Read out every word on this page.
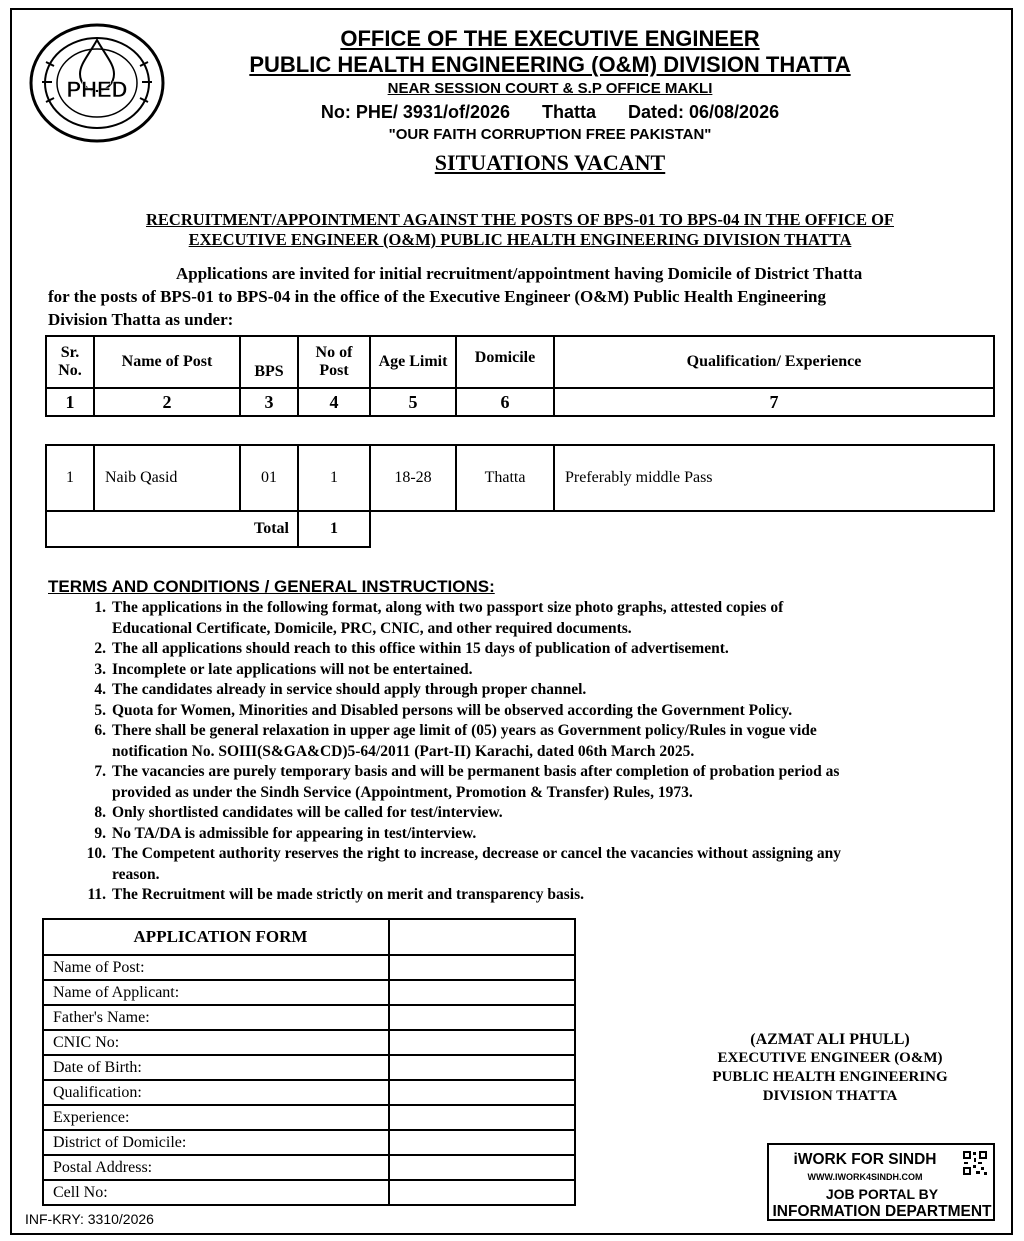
PHED
OFFICE OF THE EXECUTIVE ENGINEER
PUBLIC HEALTH ENGINEERING (O&M) DIVISION THATTA
NEAR SESSION COURT & S.P OFFICE MAKLI
No: PHE/ 3931/of/2026 Thatta Dated: 06/08/2026
"OUR FAITH CORRUPTION FREE PAKISTAN"
SITUATIONS VACANT
RECRUITMENT/APPOINTMENT AGAINST THE POSTS OF BPS-01 TO BPS-04 IN THE OFFICE OF
EXECUTIVE ENGINEER (O&M) PUBLIC HEALTH ENGINEERING DIVISION THATTA
Applications are invited for initial recruitment/appointment having Domicile of District Thatta
for the posts of BPS-01 to BPS-04 in the office of the Executive Engineer (O&M) Public Health Engineering
Division Thatta as under:
Sr. No.	Name of Post	BPS	No of Post	Age Limit	Domicile	Qualification/ Experience
1	2	3	4	5	6	7
1	Naib Qasid	01	1	18-28	Thatta	Preferably middle Pass
Total			1			
TERMS AND CONDITIONS / GENERAL INSTRUCTIONS:
1. The applications in the following format, along with two passport size photo graphs, attested copies of
Educational Certificate, Domicile, PRC, CNIC, and other required documents.
2. The all applications should reach to this office within 15 days of publication of advertisement.
3. Incomplete or late applications will not be entertained.
4. The candidates already in service should apply through proper channel.
5. Quota for Women, Minorities and Disabled persons will be observed according the Government Policy.
6. There shall be general relaxation in upper age limit of (05) years as Government policy/Rules in vogue vide
notification No. SOIII(S&GA&CD)5-64/2011 (Part-II) Karachi, dated 06th March 2025.
7. The vacancies are purely temporary basis and will be permanent basis after completion of probation period as
provided as under the Sindh Service (Appointment, Promotion & Transfer) Rules, 1973.
8. Only shortlisted candidates will be called for test/interview.
9. No TA/DA is admissible for appearing in test/interview.
10. The Competent authority reserves the right to increase, decrease or cancel the vacancies without assigning any
reason.
11. The Recruitment will be made strictly on merit and transparency basis.
APPLICATION FORM	
Name of Post:	
Name of Applicant:	
Father's Name:	
CNIC No:	
Date of Birth:	
Qualification:	
Experience:	
District of Domicile:	
Postal Address:	
Cell No:	
(AZMAT ALI PHULL)
EXECUTIVE ENGINEER (O&M)
PUBLIC HEALTH ENGINEERING
DIVISION THATTA
iWORK FOR SINDH
WWW.IWORK4SINDH.COM
JOB PORTAL BY
INFORMATION DEPARTMENT
INF-KRY: 3310/2026
